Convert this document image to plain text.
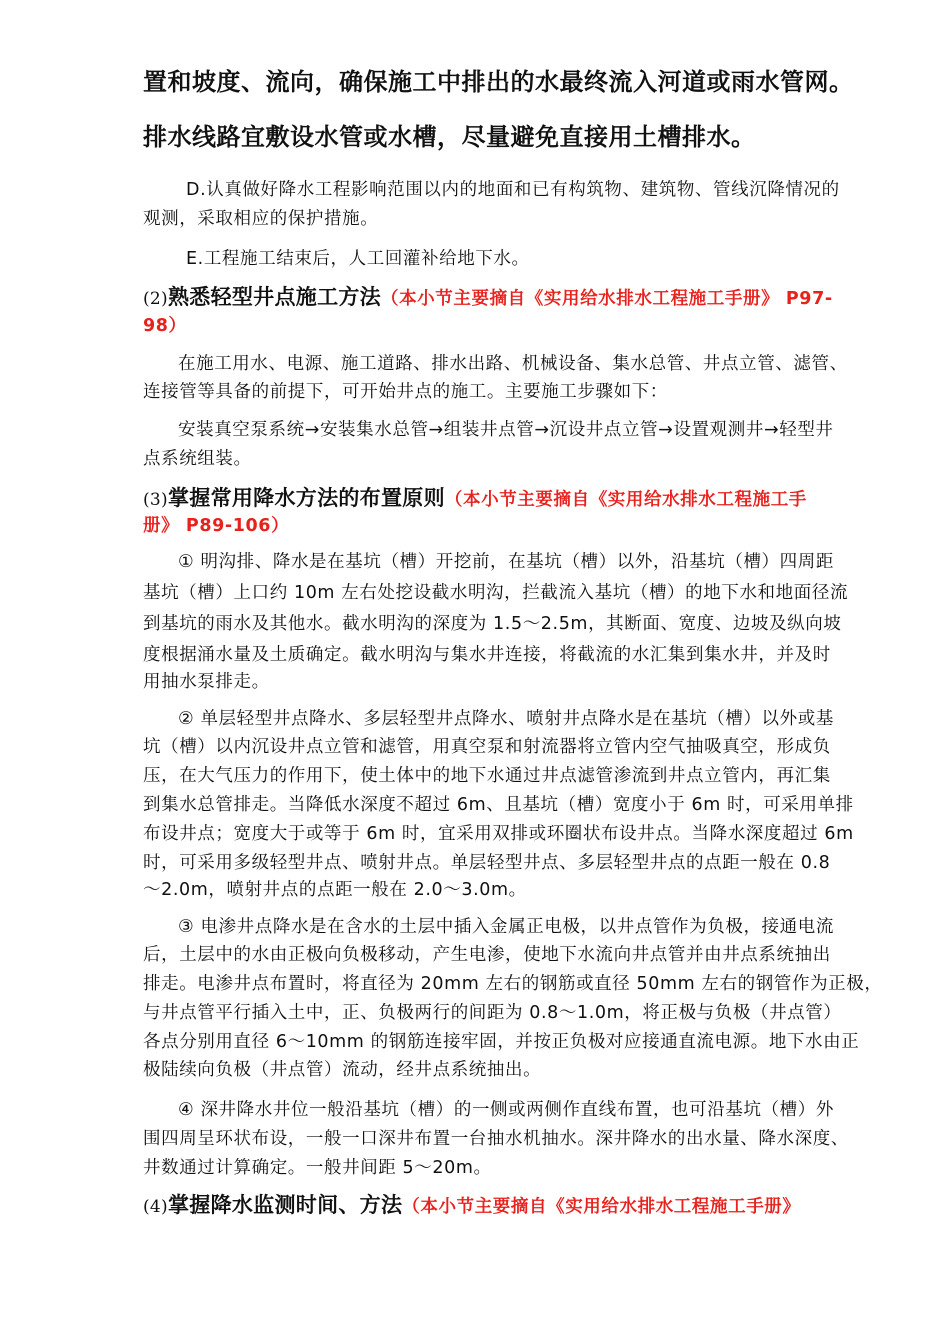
置和坡度、流向，确保施工中排出的水最终流入河道或雨水管网。
排水线路宜敷设水管或水槽，尽量避免直接用土槽排水。
D.认真做好降水工程影响范围以内的地面和已有构筑物、建筑物、管线沉降情况的
观测，采取相应的保护措施。
E.工程施工结束后，人工回灌补给地下水。
(2)熟悉轻型井点施工方法（本小节主要摘自《实用给水排水工程施工手册》 P97-
98）
在施工用水、电源、施工道路、排水出路、机械设备、集水总管、井点立管、滤管、
连接管等具备的前提下，可开始井点的施工。主要施工步骤如下：
安装真空泵系统→安装集水总管→组装井点管→沉设井点立管→设置观测井→轻型井
点系统组装。
(3)掌握常用降水方法的布置原则（本小节主要摘自《实用给水排水工程施工手
册》 P89-106）
① 明沟排、降水是在基坑（槽）开挖前，在基坑（槽）以外，沿基坑（槽）四周距
基坑（槽）上口约 10m 左右处挖设截水明沟，拦截流入基坑（槽）的地下水和地面径流
到基坑的雨水及其他水。截水明沟的深度为 1.5～2.5m，其断面、宽度、边坡及纵向坡
度根据涌水量及土质确定。截水明沟与集水井连接，将截流的水汇集到集水井，并及时
用抽水泵排走。
② 单层轻型井点降水、多层轻型井点降水、喷射井点降水是在基坑（槽）以外或基
坑（槽）以内沉设井点立管和滤管，用真空泵和射流器将立管内空气抽吸真空，形成负
压，在大气压力的作用下，使土体中的地下水通过井点滤管渗流到井点立管内，再汇集
到集水总管排走。当降低水深度不超过 6m、且基坑（槽）宽度小于 6m 时，可采用单排
布设井点；宽度大于或等于 6m 时，宜采用双排或环圈状布设井点。当降水深度超过 6m
时，可采用多级轻型井点、喷射井点。单层轻型井点、多层轻型井点的点距一般在 0.8
～2.0m，喷射井点的点距一般在 2.0～3.0m。
③ 电渗井点降水是在含水的土层中插入金属正电极，以井点管作为负极，接通电流
后，土层中的水由正极向负极移动，产生电渗，使地下水流向井点管并由井点系统抽出
排走。电渗井点布置时，将直径为 20mm 左右的钢筋或直径 50mm 左右的钢管作为正极，
与井点管平行插入土中，正、负极两行的间距为 0.8～1.0m，将正极与负极（井点管）
各点分别用直径 6～10mm 的钢筋连接牢固，并按正负极对应接通直流电源。地下水由正
极陆续向负极（井点管）流动，经井点系统抽出。
④ 深井降水井位一般沿基坑（槽）的一侧或两侧作直线布置，也可沿基坑（槽）外
围四周呈环状布设，一般一口深井布置一台抽水机抽水。深井降水的出水量、降水深度、
井数通过计算确定。一般井间距 5～20m。
(4)掌握降水监测时间、方法（本小节主要摘自《实用给水排水工程施工手册》
